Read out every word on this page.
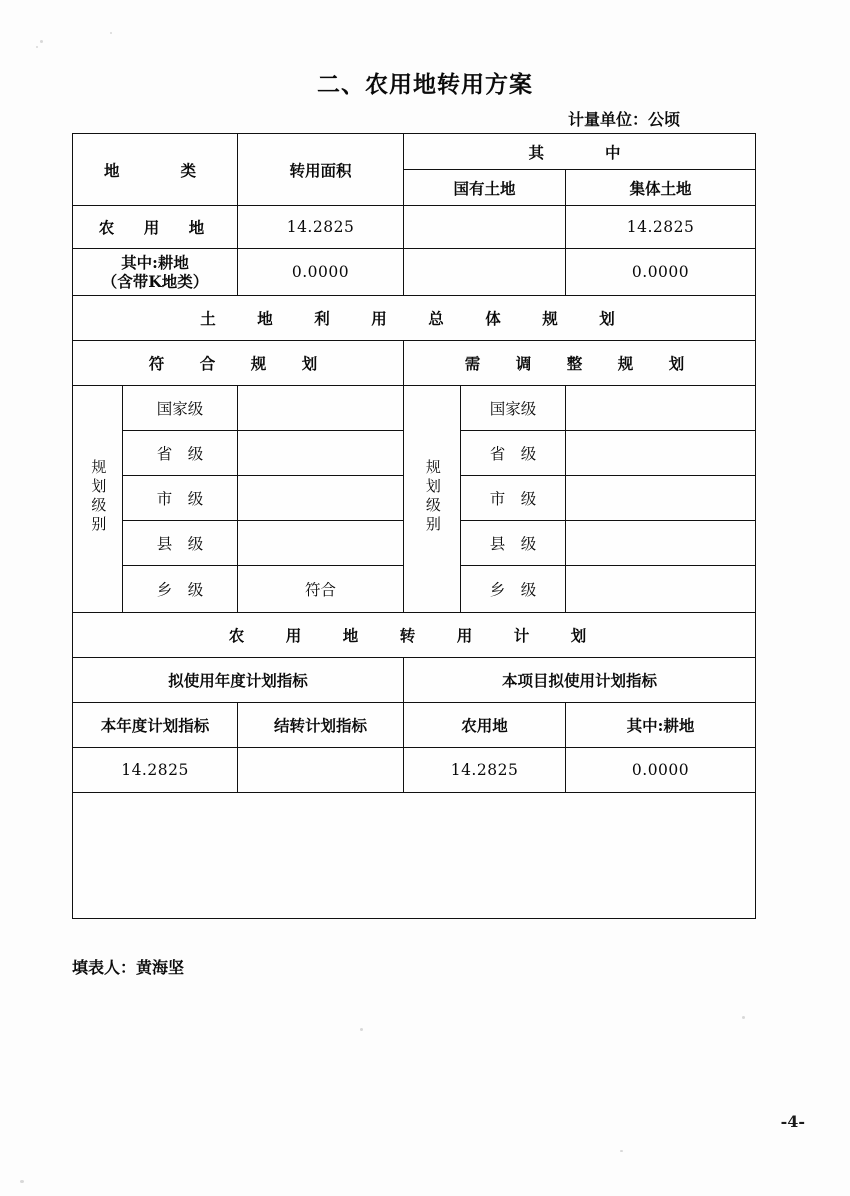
二、农用地转用方案
计量单位：公顷
地　　类		转用面积	其　　中		
			国有土地		集体土地
农　用　地		14.2825			14.2825

其中:耕地
（含带K地类）		0.0000			0.0000
土　地　利　用　总　体　规　划					
符　合　规　划			需　调　整　规　划		
规划级别	国家级		规划级别	国家级	
	省　级			省　级	
	市　级			市　级	
	县　级			县　级	
	乡　级	符合		乡　级	
农　用　地　转　用　计　划					
拟使用年度计划指标			本项目拟使用计划指标		
本年度计划指标		结转计划指标	农用地		其中:耕地
14.2825			14.2825		0.0000

填表人：黄海坚
-4-
